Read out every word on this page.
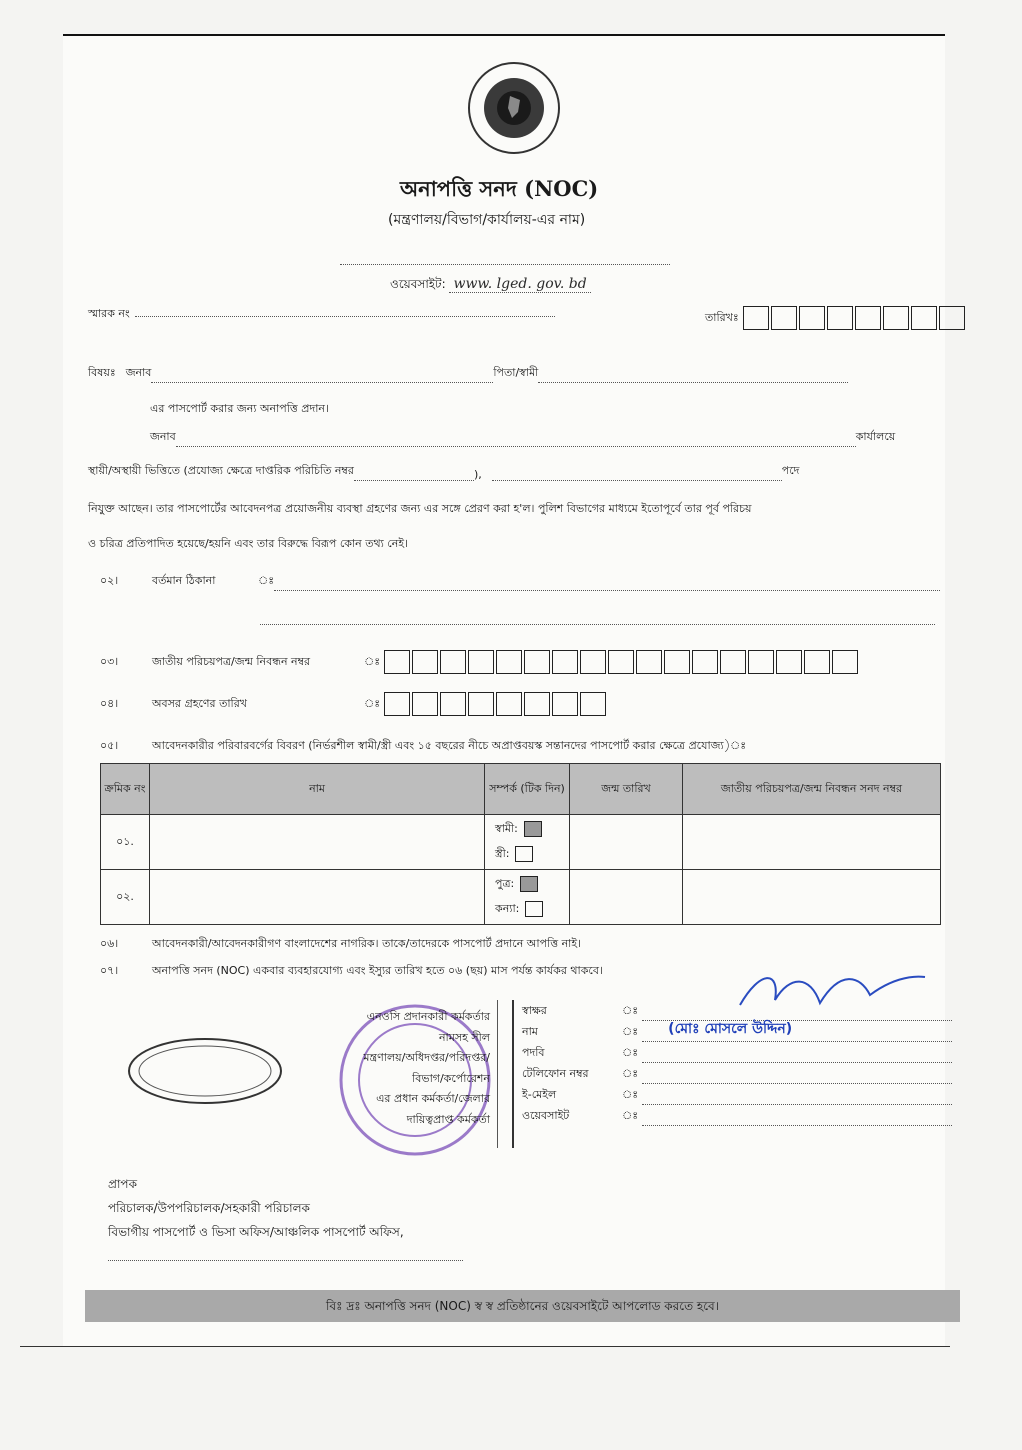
অনাপত্তি সনদ (NOC)
(মন্ত্রণালয়/বিভাগ/কার্যালয়-এর নাম)
ওয়েবসাইট: www. lged. gov. bd
স্মারক নং	তারিখঃ
বিষয়ঃ জনাব	পিতা/স্বামী
এর পাসপোর্ট করার জন্য অনাপত্তি প্রদান।
জনাব	কার্যালয়ে
স্থায়ী/অস্থায়ী ভিত্তিতে (প্রযোজ্য ক্ষেত্রে দাপ্তরিক পরিচিতি নম্বর	),	পদে
নিযুক্ত আছেন। তার পাসপোর্টের আবেদনপত্র প্রয়োজনীয় ব্যবস্থা গ্রহণের জন্য এর সঙ্গে প্রেরণ করা হ'ল। পুলিশ বিভাগের মাধ্যমে ইতোপূর্বে তার পূর্ব পরিচয়
ও চরিত্র প্রতিপাদিত হয়েছে/হয়নি এবং তার বিরুদ্ধে বিরূপ কোন তথ্য নেই।
০২।	বর্তমান ঠিকানা	ঃ
০৩।	জাতীয় পরিচয়পত্র/জন্ম নিবন্ধন নম্বর	ঃ
০৪।	অবসর গ্রহণের তারিখ	ঃ
০৫।	আবেদনকারীর পরিবারবর্গের বিবরণ (নির্ভরশীল স্বামী/স্ত্রী এবং ১৫ বছরের নীচে অপ্রাপ্তবয়স্ক সন্তানদের পাসপোর্ট করার ক্ষেত্রে প্রযোজ্য)ঃ
ক্রমিক নং	নাম	সম্পর্ক (টিক দিন)	জন্ম তারিখ	জাতীয় পরিচয়পত্র/জন্ম নিবন্ধন সনদ নম্বর
০১.		স্বামী:
স্ত্রী:		

০২.		পুত্র:
কন্যা:		

০৬।	আবেদনকারী/আবেদনকারীগণ বাংলাদেশের নাগরিক। তাকে/তাদেরকে পাসপোর্ট প্রদানে আপত্তি নাই।
০৭।	অনাপত্তি সনদ (NOC) একবার ব্যবহারযোগ্য এবং ইস্যুর তারিখ হতে ০৬ (ছয়) মাস পর্যন্ত কার্যকর থাকবে।
এনওসি প্রদানকারী কর্মকর্তার
নামসহ সীল
মন্ত্রণালয়/অধিদপ্তর/পরিদপ্তর/
বিভাগ/কর্পোরেশন
এর প্রধান কর্মকর্তা/জেলার
দায়িত্বপ্রাপ্ত কর্মকর্তা
স্বাক্ষর	ঃ
নাম	ঃ	(মোঃ মোসলে উদ্দিন)
পদবি	ঃ
টেলিফোন নম্বর	ঃ
ই-মেইল	ঃ
ওয়েবসাইট	ঃ
প্রাপক
পরিচালক/উপপরিচালক/সহকারী পরিচালক
বিভাগীয় পাসপোর্ট ও ভিসা অফিস/আঞ্চলিক পাসপোর্ট অফিস,
বিঃ দ্রঃ অনাপত্তি সনদ (NOC) স্ব স্ব প্রতিষ্ঠানের ওয়েবসাইটে আপলোড করতে হবে।
